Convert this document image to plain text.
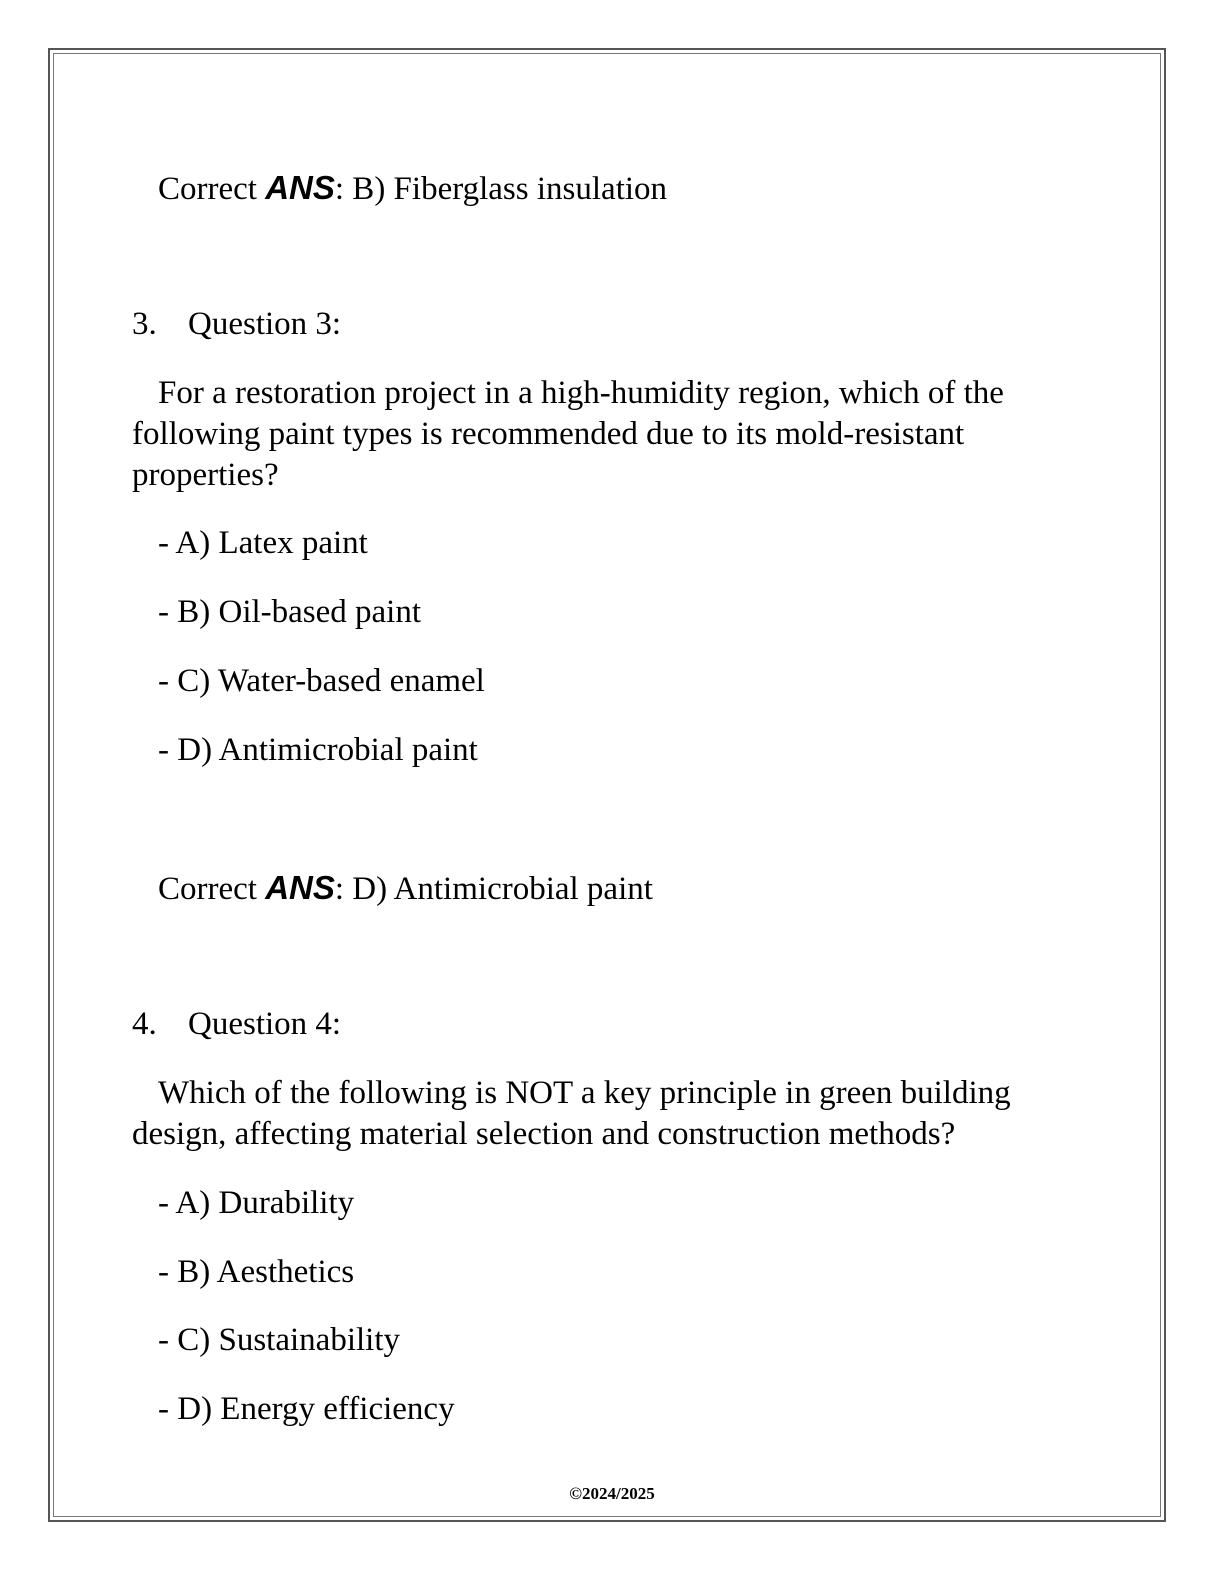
Correct ANS: B) Fiberglass insulation
3. Question 3:
For a restoration project in a high-humidity region, which of the following paint types is recommended due to its mold-resistant properties?
- A) Latex paint
- B) Oil-based paint
- C) Water-based enamel
- D) Antimicrobial paint
Correct ANS: D) Antimicrobial paint
4. Question 4:
Which of the following is NOT a key principle in green building design, affecting material selection and construction methods?
- A) Durability
- B) Aesthetics
- C) Sustainability
- D) Energy efficiency
©2024/2025
